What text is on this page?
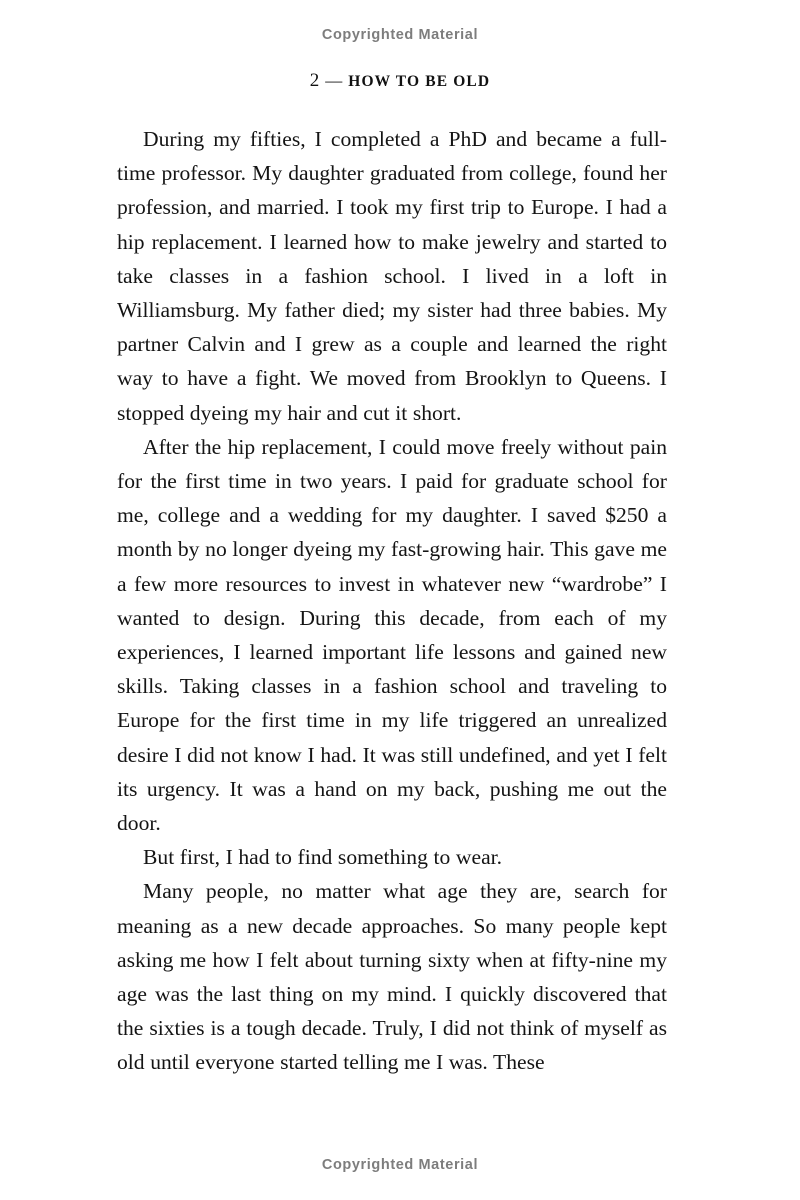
Copyrighted Material
2 — HOW TO BE OLD

During my fifties, I completed a PhD and became a full-time professor. My daughter graduated from college, found her profession, and married. I took my first trip to Europe. I had a hip replacement. I learned how to make jewelry and started to take classes in a fashion school. I lived in a loft in Williamsburg. My father died; my sister had three babies. My partner Calvin and I grew as a couple and learned the right way to have a fight. We moved from Brooklyn to Queens. I stopped dyeing my hair and cut it short.

After the hip replacement, I could move freely without pain for the first time in two years. I paid for graduate school for me, college and a wedding for my daughter. I saved $250 a month by no longer dyeing my fast-growing hair. This gave me a few more resources to invest in whatever new “wardrobe” I wanted to design. During this decade, from each of my experiences, I learned important life lessons and gained new skills. Taking classes in a fashion school and traveling to Europe for the first time in my life triggered an unrealized desire I did not know I had. It was still undefined, and yet I felt its urgency. It was a hand on my back, pushing me out the door.

But first, I had to find something to wear.

Many people, no matter what age they are, search for meaning as a new decade approaches. So many people kept asking me how I felt about turning sixty when at fifty-nine my age was the last thing on my mind. I quickly discovered that the sixties is a tough decade. Truly, I did not think of myself as old until everyone started telling me I was. These

Copyrighted Material
